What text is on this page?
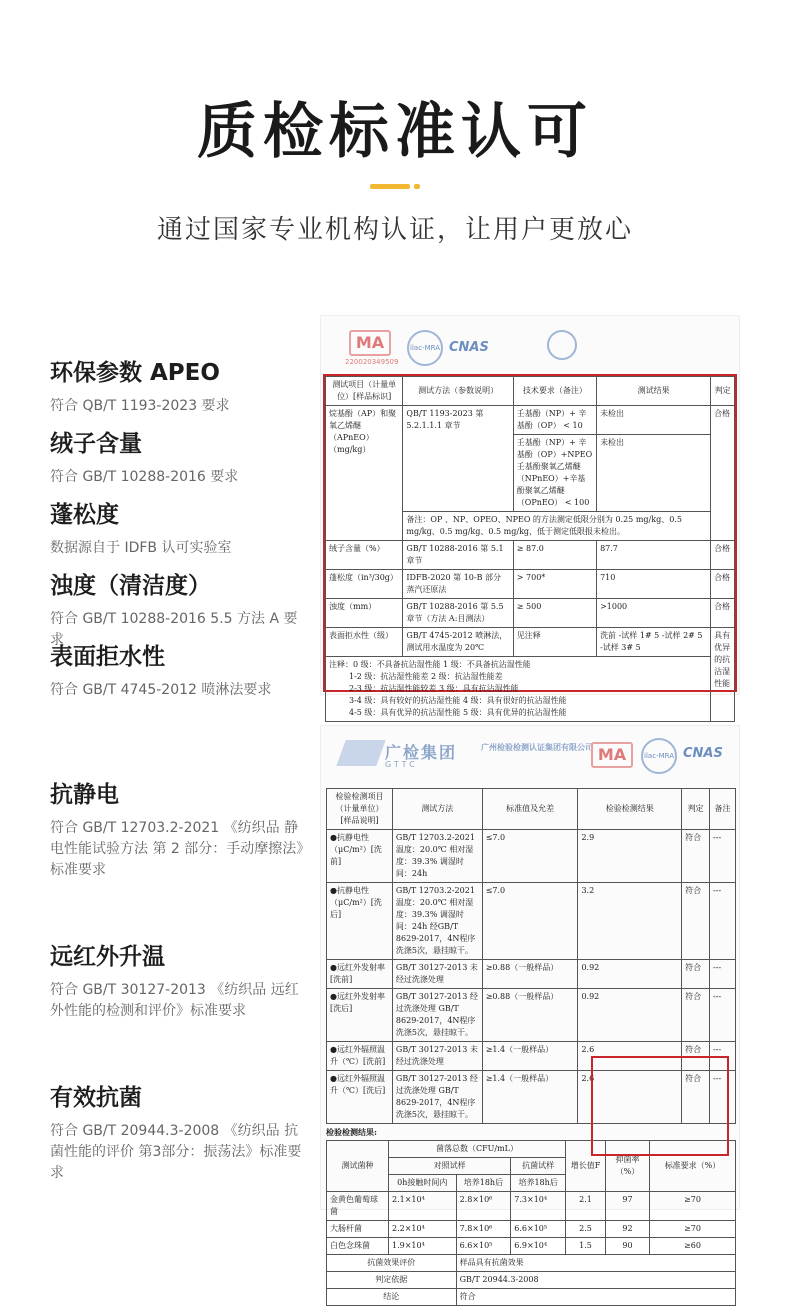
质检标准认可
通过国家专业机构认证，让用户更放心
环保参数 APEO
符合 QB/T 1193-2023 要求
绒子含量
符合 GB/T 10288-2016 要求
蓬松度
数据源自于 IDFB 认可实验室
浊度（清洁度）
符合 GB/T 10288-2016 5.5 方法 A 要求
表面拒水性
符合 GB/T 4745-2012 喷淋法要求
抗静电
符合 GB/T 12703.2-2021 《纺织品 静电性能试验方法 第 2 部分：手动摩擦法》标准要求
远红外升温
符合 GB/T 30127-2013 《纺织品 远红外性能的检测和评价》标准要求
有效抗菌
符合 GB/T 20944.3-2008 《纺织品 抗菌性能的评价 第3部分：振荡法》标准要求
MA
220020349509
ilac-MRA CNAS
测试项目（计量单位）[样品标识]	测试方法（参数说明）	技术要求（备注）	测试结果	判定
烷基酚（AP）和聚氧乙烯醚（APnEO）（mg/kg）	QB/T 1193-2023 第 5.2.1.1.1 章节	壬基酚（NP）+ 辛基酚（OP） < 10	未检出	合格
		壬基酚（NP）+ 辛基酚（OP）+NPEO 壬基酚聚氧乙烯醚（NPnEO）+辛基酚聚氧乙烯醚（OPnEO） < 100	未检出	
	备注：OP 、NP、OPEO、NPEO 的方法测定低限分别为 0.25 mg/kg、0.5 mg/kg、0.5 mg/kg、0.5 mg/kg，低于测定低限报未检出。			
绒子含量（%）	GB/T 10288-2016 第 5.1 章节	≥ 87.0	87.7	合格
蓬松度（in³/30g）	IDFB-2020 第 10-B 部分 蒸汽还原法	> 700*	710	合格
浊度（mm）	GB/T 10288-2016 第 5.5 章节（方法 A:目测法）	≥ 500	>1000	合格
表面拒水性（级）	GB/T 4745-2012 喷淋法，测试用水温度为 20℃	见注释	洗前 -试样 1# 5 -试样 2# 5 -试样 3# 5	具有优异的抗沾湿性能

注释：0 级：不具备抗沾湿性能 1 级：不具备抗沾湿性能
1-2 级：抗沾湿性能差 2 级：抗沾湿性能差
2-3 级：抗沾湿性能较差 3 级：具有抗沾湿性能
3-4 级：具有较好的抗沾湿性能 4 级：具有很好的抗沾湿性能
4-5 级：具有优异的抗沾湿性能 5 级：具有优异的抗沾湿性能				
广检集团
GTTC
广州检验检测认证集团有限公司 MA	ilac-MRA CNAS
检验检测项目（计量单位）[样品说明]	测试方法	标准值及允差	检验检测结果	判定	备注
●抗静电性（μC/m²）[洗前]	GB/T 12703.2-2021 温度：20.0℃ 相对湿度：39.3% 调湿时间：24h	≤7.0	2.9	符合	---
●抗静电性（μC/m²）[洗后]	GB/T 12703.2-2021 温度：20.0℃ 相对湿度：39.3% 调湿时间：24h 经GB/T 8629-2017，4N程序洗涤5次，悬挂晾干。	≤7.0	3.2	符合	---
●远红外发射率 [洗前]	GB/T 30127-2013 未经过洗涤处理	≥0.88（一般样品）	0.92	符合	---
●远红外发射率 [洗后]	GB/T 30127-2013 经过洗涤处理 GB/T 8629-2017，4N程序洗涤5次，悬挂晾干。	≥0.88（一般样品）	0.92	符合	---
●远红外辐照温升（℃）[洗前]	GB/T 30127-2013 未经过洗涤处理	≥1.4（一般样品）	2.6	符合	---
●远红外辐照温升（℃）[洗后]	GB/T 30127-2013 经过洗涤处理 GB/T 8629-2017，4N程序洗涤5次，悬挂晾干。	≥1.4（一般样品）	2.6	符合	---
检验检测结果:
测试菌种	菌落总数（CFU/mL）			增长值F	抑菌率（%）	标准要求（%）
	对照试样		抗菌试样			
	0h接触时间内	培养18h后	培养18h后			
金黄色葡萄球菌	2.1×10⁴	2.8×10⁶	7.3×10⁴	2.1	97	≥70
大肠杆菌	2.2×10⁴	7.8×10⁶	6.6×10⁵	2.5	92	≥70
白色念珠菌	1.9×10⁴	6.6×10⁵	6.9×10⁴	1.5	90	≥60
抗菌效果评价		样品具有抗菌效果				
判定依据		GB/T 20944.3-2008				
结论		符合				
